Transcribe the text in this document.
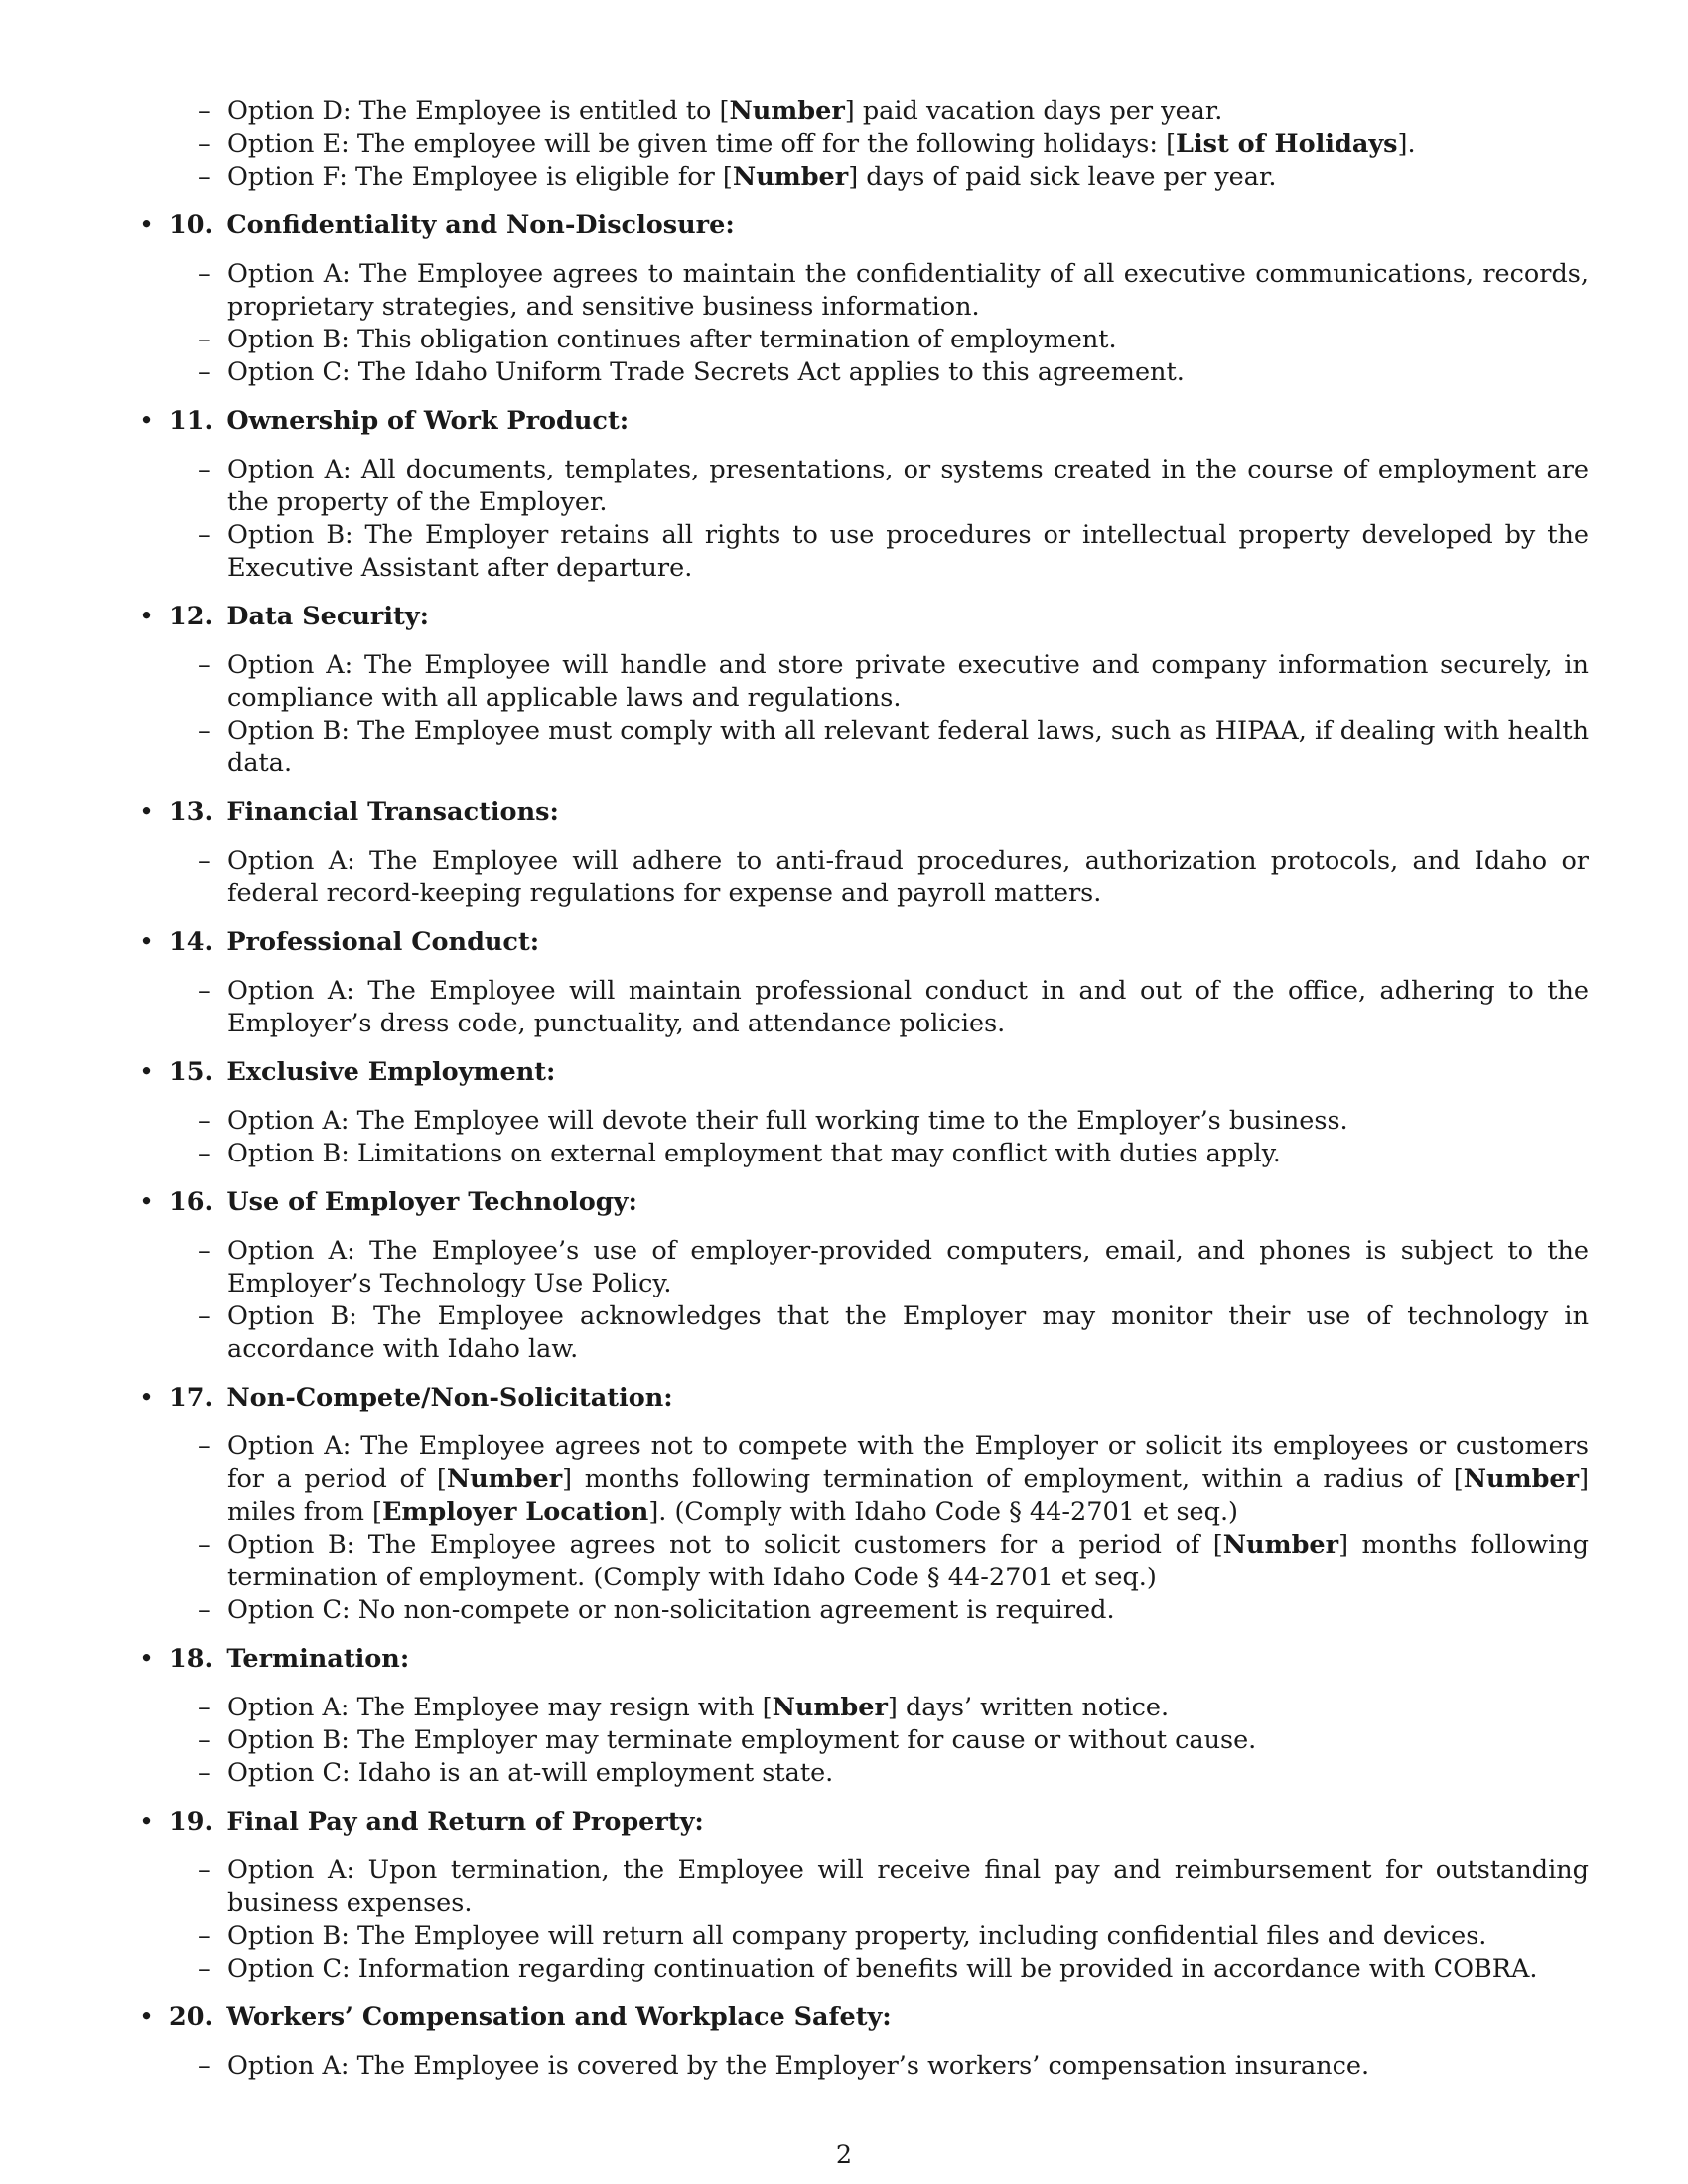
– Option D: The Employee is entitled to [Number] paid vacation days per year.
– Option E: The employee will be given time off for the following holidays: [List of Holidays].
– Option F: The Employee is eligible for [Number] days of paid sick leave per year.
• 10. Confidentiality and Non-Disclosure:
– Option A: The Employee agrees to maintain the confidentiality of all executive communications, records, proprietary strategies, and sensitive business information.
– Option B: This obligation continues after termination of employment.
– Option C: The Idaho Uniform Trade Secrets Act applies to this agreement.
• 11. Ownership of Work Product:
– Option A: All documents, templates, presentations, or systems created in the course of employment are the property of the Employer.
– Option B: The Employer retains all rights to use procedures or intellectual property developed by the Executive Assistant after departure.
• 12. Data Security:
– Option A: The Employee will handle and store private executive and company information securely, in compliance with all applicable laws and regulations.
– Option B: The Employee must comply with all relevant federal laws, such as HIPAA, if dealing with health data.
• 13. Financial Transactions:
– Option A: The Employee will adhere to anti-fraud procedures, authorization protocols, and Idaho or federal record-keeping regulations for expense and payroll matters.
• 14. Professional Conduct:
– Option A: The Employee will maintain professional conduct in and out of the office, adhering to the Employer’s dress code, punctuality, and attendance policies.
• 15. Exclusive Employment:
– Option A: The Employee will devote their full working time to the Employer’s business.
– Option B: Limitations on external employment that may conflict with duties apply.
• 16. Use of Employer Technology:
– Option A: The Employee’s use of employer-provided computers, email, and phones is subject to the Employer’s Technology Use Policy.
– Option B: The Employee acknowledges that the Employer may monitor their use of technology in accordance with Idaho law.
• 17. Non-Compete/Non-Solicitation:
– Option A: The Employee agrees not to compete with the Employer or solicit its employees or customers for a period of [Number] months following termination of employment, within a radius of [Number] miles from [Employer Location]. (Comply with Idaho Code § 44-2701 et seq.)
– Option B: The Employee agrees not to solicit customers for a period of [Number] months following termination of employment. (Comply with Idaho Code § 44-2701 et seq.)
– Option C: No non-compete or non-solicitation agreement is required.
• 18. Termination:
– Option A: The Employee may resign with [Number] days’ written notice.
– Option B: The Employer may terminate employment for cause or without cause.
– Option C: Idaho is an at-will employment state.
• 19. Final Pay and Return of Property:
– Option A: Upon termination, the Employee will receive final pay and reimbursement for outstanding business expenses.
– Option B: The Employee will return all company property, including confidential files and devices.
– Option C: Information regarding continuation of benefits will be provided in accordance with COBRA.
• 20. Workers’ Compensation and Workplace Safety:
– Option A: The Employee is covered by the Employer’s workers’ compensation insurance.
2
